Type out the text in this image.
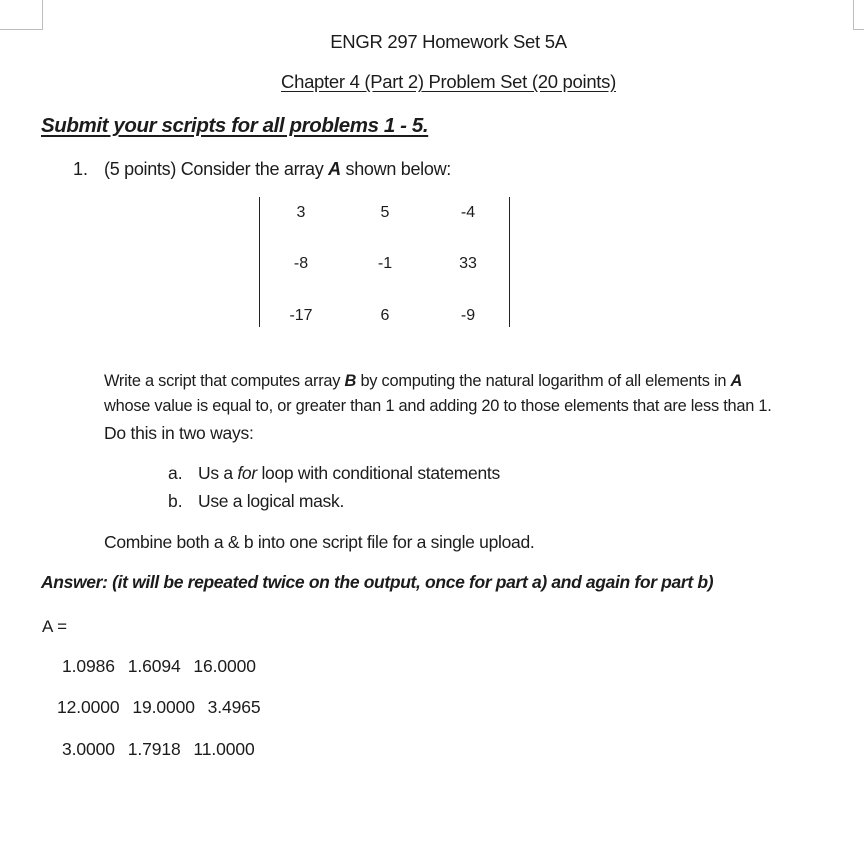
ENGR 297 Homework Set 5A
Chapter 4 (Part 2) Problem Set (20 points)
Submit your scripts for all problems 1 - 5.
1. (5 points) Consider the array A shown below:
3	5	-4
-8	-1	33
-17	6	-9
Write a script that computes array B by computing the natural logarithm of all elements in A
whose value is equal to, or greater than 1 and adding 20 to those elements that are less than 1.
Do this in two ways:
a. Us a for loop with conditional statements
b. Use a logical mask.
Combine both a & b into one script file for a single upload.
Answer: (it will be repeated twice on the output, once for part a) and again for part b)
A =
1.0986 1.6094 16.0000
12.0000 19.0000 3.4965
3.0000 1.7918 11.0000
